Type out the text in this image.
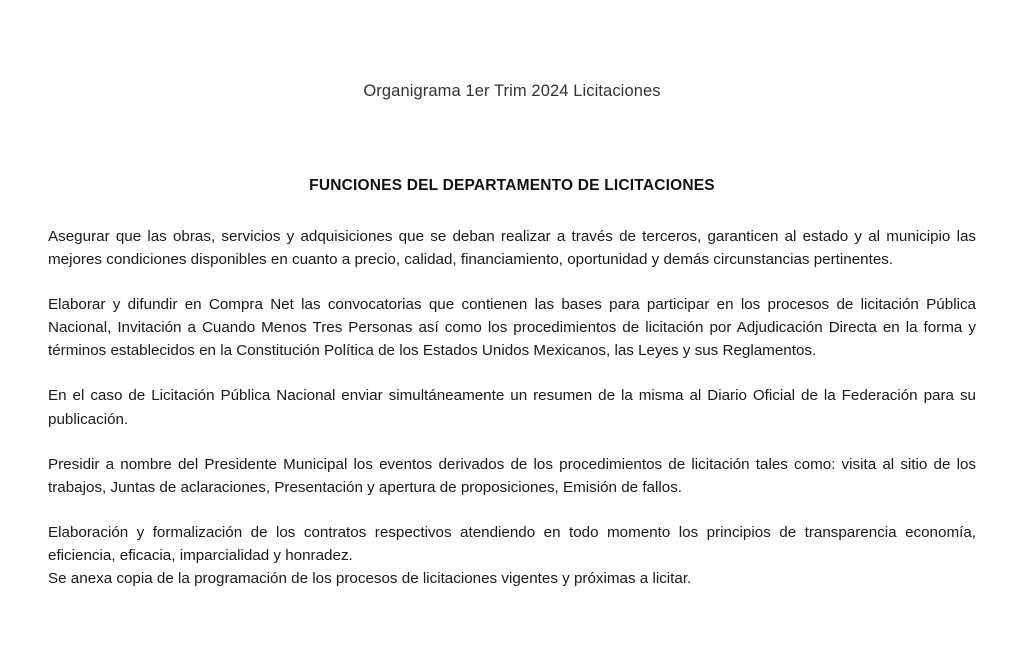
Organigrama 1er Trim 2024 Licitaciones
FUNCIONES DEL DEPARTAMENTO DE LICITACIONES

Asegurar que las obras, servicios y adquisiciones que se deban realizar a través de terceros, garanticen al estado y al municipio las mejores condiciones disponibles en cuanto a precio, calidad, financiamiento, oportunidad y demás circunstancias pertinentes.

Elaborar y difundir en Compra Net las convocatorias que contienen las bases para participar en los procesos de licitación Pública Nacional, Invitación a Cuando Menos Tres Personas así como los procedimientos de licitación por Adjudicación Directa en la forma y términos establecidos en la Constitución Política de los Estados Unidos Mexicanos, las Leyes y sus Reglamentos.

En el caso de Licitación Pública Nacional enviar simultáneamente un resumen de la misma al Diario Oficial de la Federación para su publicación.

Presidir a nombre del Presidente Municipal los eventos derivados de los procedimientos de licitación tales como: visita al sitio de los trabajos, Juntas de aclaraciones, Presentación y apertura de proposiciones, Emisión de fallos.

Elaboración y formalización de los contratos respectivos atendiendo en todo momento los principios de transparencia economía, eficiencia, eficacia, imparcialidad y honradez.

Se anexa copia de la programación de los procesos de licitaciones vigentes y próximas a licitar.
